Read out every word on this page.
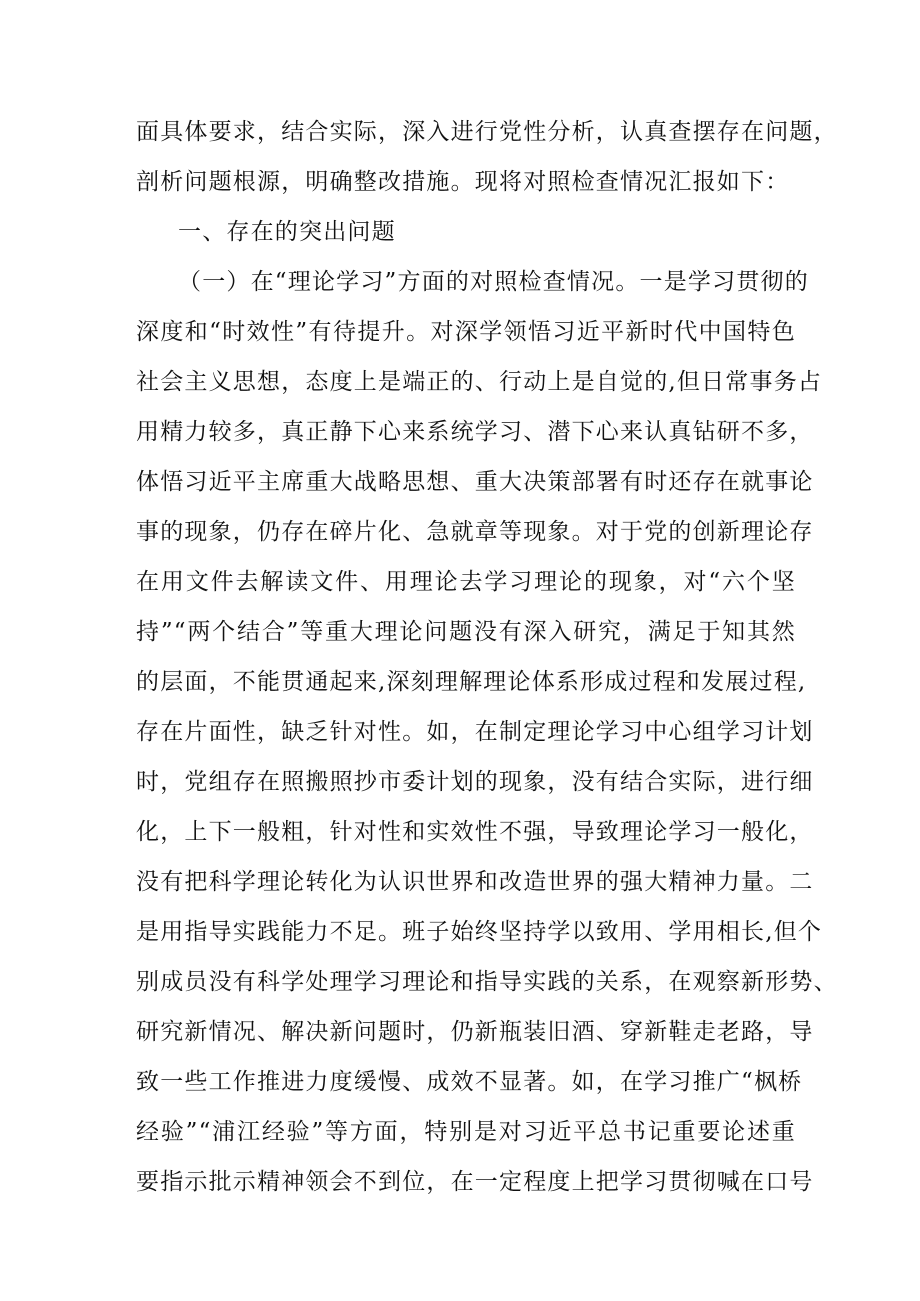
面具体要求，结合实际，深入进行党性分析，认真查摆存在问题，
剖析问题根源，明确整改措施。现将对照检查情况汇报如下：
一、存在的突出问题
（一）在“理论学习”方面的对照检查情况。一是学习贯彻的
深度和“时效性”有待提升。对深学领悟习近平新时代中国特色
社会主义思想，态度上是端正的、行动上是自觉的,但日常事务占
用精力较多，真正静下心来系统学习、潜下心来认真钻研不多，
体悟习近平主席重大战略思想、重大决策部署有时还存在就事论
事的现象，仍存在碎片化、急就章等现象。对于党的创新理论存
在用文件去解读文件、用理论去学习理论的现象，对“六个坚
持”“两个结合”等重大理论问题没有深入研究，满足于知其然
的层面，不能贯通起来,深刻理解理论体系形成过程和发展过程,
存在片面性，缺乏针对性。如，在制定理论学习中心组学习计划
时，党组存在照搬照抄市委计划的现象，没有结合实际，进行细
化，上下一般粗，针对性和实效性不强，导致理论学习一般化，
没有把科学理论转化为认识世界和改造世界的强大精神力量。二
是用指导实践能力不足。班子始终坚持学以致用、学用相长,但个
别成员没有科学处理学习理论和指导实践的关系，在观察新形势、
研究新情况、解决新问题时，仍新瓶装旧酒、穿新鞋走老路，导
致一些工作推进力度缓慢、成效不显著。如，在学习推广“枫桥
经验”“浦江经验”等方面，特别是对习近平总书记重要论述重
要指示批示精神领会不到位，在一定程度上把学习贯彻喊在口号
